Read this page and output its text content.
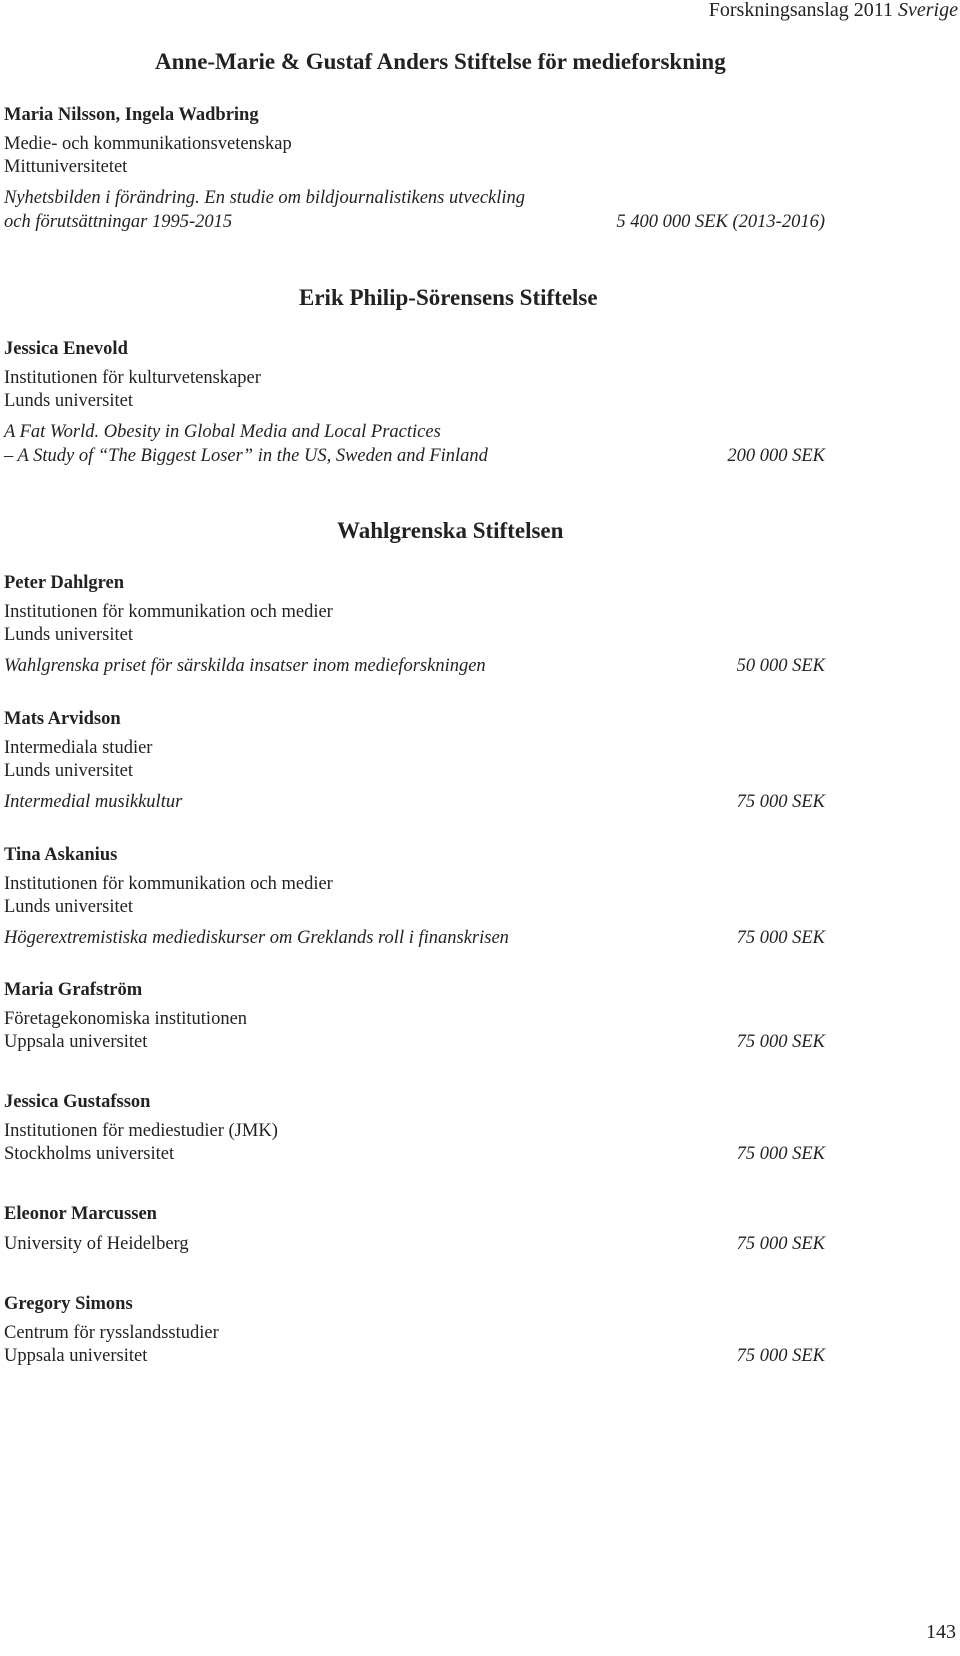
Forskningsanslag 2011 Sverige
Anne-Marie & Gustaf Anders Stiftelse för medieforskning
Maria Nilsson, Ingela Wadbring
Medie- och kommunikationsvetenskap
Mittuniversitetet
Nyhetsbilden i förändring. En studie om bildjournalistikens utveckling
och förutsättningar 1995-2015	5 400 000 SEK (2013-2016)
Erik Philip-Sörensens Stiftelse
Jessica Enevold
Institutionen för kulturvetenskaper
Lunds universitet
A Fat World. Obesity in Global Media and Local Practices
– A Study of “The Biggest Loser” in the US, Sweden and Finland	200 000 SEK
Wahlgrenska Stiftelsen
Peter Dahlgren
Institutionen för kommunikation och medier
Lunds universitet
Wahlgrenska priset för särskilda insatser inom medieforskningen	50 000 SEK
Mats Arvidson
Intermediala studier
Lunds universitet
Intermedial musikkultur	75 000 SEK
Tina Askanius
Institutionen för kommunikation och medier
Lunds universitet
Högerextremistiska mediediskurser om Greklands roll i finanskrisen	75 000 SEK
Maria Grafström
Företagekonomiska institutionen
Uppsala universitet	75 000 SEK
Jessica Gustafsson
Institutionen för mediestudier (JMK)
Stockholms universitet	75 000 SEK
Eleonor Marcussen
University of Heidelberg	75 000 SEK
Gregory Simons
Centrum för rysslandsstudier
Uppsala universitet	75 000 SEK
143
